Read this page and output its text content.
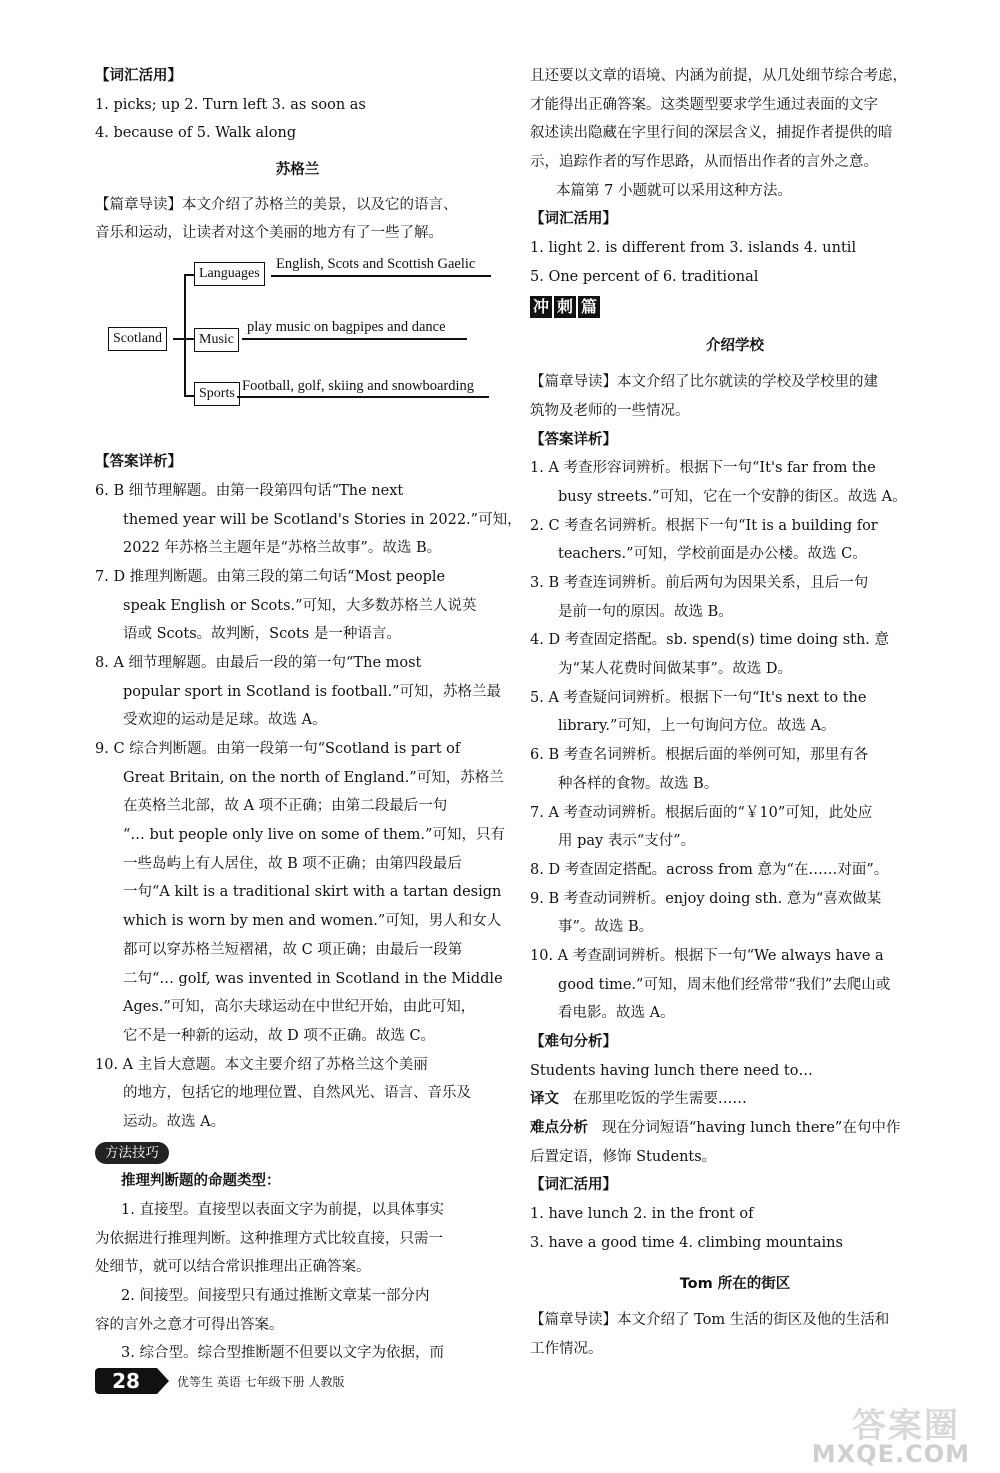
【词汇活用】
1. picks; up 2. Turn left 3. as soon as
4. because of 5. Walk along
苏格兰
【篇章导读】本文介绍了苏格兰的美景，以及它的语言、
音乐和运动，让读者对这个美丽的地方有了一些了解。
Scotland
Languages
English, Scots and Scottish Gaelic
Music
play music on bagpipes and dance
Sports Football, golf, skiing and snowboarding
【答案详析】
6. B 细节理解题。由第一段第四句话“The next
themed year will be Scotland's Stories in 2022.”可知，
2022 年苏格兰主题年是“苏格兰故事”。故选 B。
7. D 推理判断题。由第三段的第二句话“Most people
speak English or Scots.”可知，大多数苏格兰人说英
语或 Scots。故判断，Scots 是一种语言。
8. A 细节理解题。由最后一段的第一句“The most
popular sport in Scotland is football.”可知，苏格兰最
受欢迎的运动是足球。故选 A。
9. C 综合判断题。由第一段第一句“Scotland is part of
Great Britain, on the north of England.”可知，苏格兰
在英格兰北部，故 A 项不正确；由第二段最后一句
“… but people only live on some of them.”可知，只有
一些岛屿上有人居住，故 B 项不正确；由第四段最后
一句“A kilt is a traditional skirt with a tartan design
which is worn by men and women.”可知，男人和女人
都可以穿苏格兰短褶裙，故 C 项正确；由最后一段第
二句“… golf, was invented in Scotland in the Middle
Ages.”可知，高尔夫球运动在中世纪开始，由此可知，
它不是一种新的运动，故 D 项不正确。故选 C。
10. A 主旨大意题。本文主要介绍了苏格兰这个美丽
的地方，包括它的地理位置、自然风光、语言、音乐及
运动。故选 A。
方法技巧
推理判断题的命题类型：
1. 直接型。直接型以表面文字为前提，以具体事实
为依据进行推理判断。这种推理方式比较直接，只需一
处细节，就可以结合常识推理出正确答案。
2. 间接型。间接型只有通过推断文章某一部分内
容的言外之意才可得出答案。
3. 综合型。综合型推断题不但要以文字为依据，而
且还要以文章的语境、内涵为前提，从几处细节综合考虑，
才能得出正确答案。这类题型要求学生通过表面的文字
叙述读出隐藏在字里行间的深层含义，捕捉作者提供的暗
示，追踪作者的写作思路，从而悟出作者的言外之意。
本篇第 7 小题就可以采用这种方法。
【词汇活用】
1. light 2. is different from 3. islands 4. until
5. One percent of 6. traditional
冲 刺 篇
介绍学校
【篇章导读】本文介绍了比尔就读的学校及学校里的建
筑物及老师的一些情况。
【答案详析】
1. A 考查形容词辨析。根据下一句“It's far from the
busy streets.”可知，它在一个安静的街区。故选 A。
2. C 考查名词辨析。根据下一句“It is a building for
teachers.”可知，学校前面是办公楼。故选 C。
3. B 考查连词辨析。前后两句为因果关系，且后一句
是前一句的原因。故选 B。
4. D 考查固定搭配。sb. spend(s) time doing sth. 意
为“某人花费时间做某事”。故选 D。
5. A 考查疑问词辨析。根据下一句“It's next to the
library.”可知，上一句询问方位。故选 A。
6. B 考查名词辨析。根据后面的举例可知，那里有各
种各样的食物。故选 B。
7. A 考查动词辨析。根据后面的“￥10”可知，此处应
用 pay 表示“支付”。
8. D 考查固定搭配。across from 意为“在……对面”。
9. B 考查动词辨析。enjoy doing sth. 意为“喜欢做某
事”。故选 B。
10. A 考查副词辨析。根据下一句“We always have a
good time.”可知，周末他们经常带“我们”去爬山或
看电影。故选 A。
【难句分析】
Students having lunch there need to…
译文 在那里吃饭的学生需要……
难点分析 现在分词短语“having lunch there”在句中作
后置定语，修饰 Students。
【词汇活用】
1. have lunch 2. in the front of
3. have a good time 4. climbing mountains
Tom 所在的街区
【篇章导读】本文介绍了 Tom 生活的街区及他的生活和
工作情况。
28	优等生 英语 七年级下册 人教版
答案圈
MXQE.COM
